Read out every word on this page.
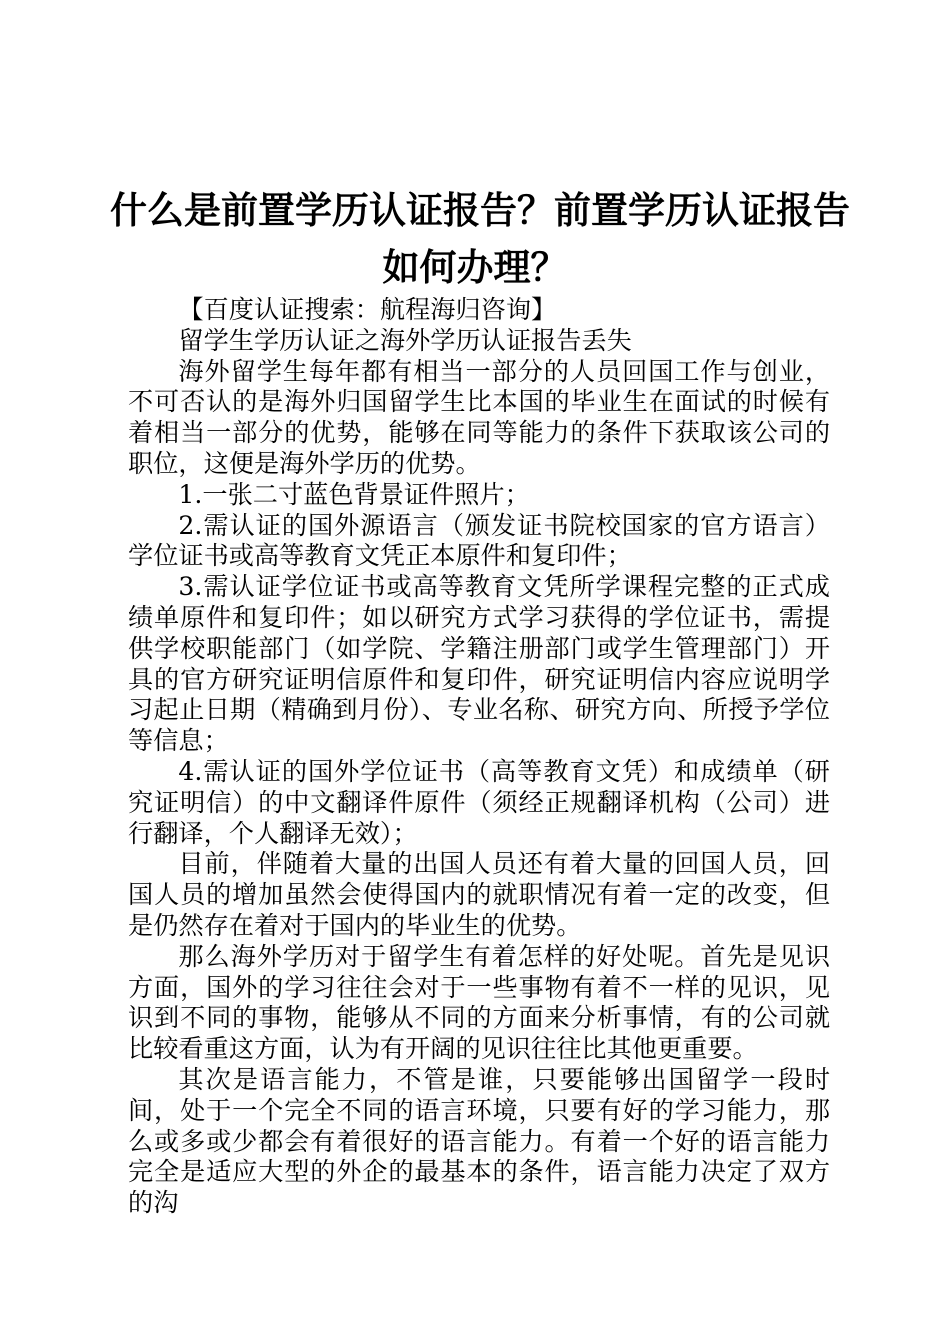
什么是前置学历认证报告？前置学历认证报告
如何办理？

【百度认证搜索：航程海归咨询】

留学生学历认证之海外学历认证报告丢失

海外留学生每年都有相当一部分的人员回国工作与创业，不可否认的是海外归国留学生比本国的毕业生在面试的时候有着相当一部分的优势，能够在同等能力的条件下获取该公司的职位，这便是海外学历的优势。

1.一张二寸蓝色背景证件照片；

2.需认证的国外源语言（颁发证书院校国家的官方语言）学位证书或高等教育文凭正本原件和复印件；

3.需认证学位证书或高等教育文凭所学课程完整的正式成绩单原件和复印件；如以研究方式学习获得的学位证书，需提供学校职能部门（如学院、学籍注册部门或学生管理部门）开具的官方研究证明信原件和复印件，研究证明信内容应说明学习起止日期（精确到月份）、专业名称、研究方向、所授予学位等信息；

4.需认证的国外学位证书（高等教育文凭）和成绩单（研究证明信）的中文翻译件原件（须经正规翻译机构（公司）进行翻译，个人翻译无效）；

目前，伴随着大量的出国人员还有着大量的回国人员，回国人员的增加虽然会使得国内的就职情况有着一定的改变，但是仍然存在着对于国内的毕业生的优势。

那么海外学历对于留学生有着怎样的好处呢。首先是见识方面，国外的学习往往会对于一些事物有着不一样的见识，见识到不同的事物，能够从不同的方面来分析事情，有的公司就比较看重这方面，认为有开阔的见识往往比其他更重要。

其次是语言能力，不管是谁，只要能够出国留学一段时间，处于一个完全不同的语言环境，只要有好的学习能力，那么或多或少都会有着很好的语言能力。有着一个好的语言能力完全是适应大型的外企的最基本的条件，语言能力决定了双方的沟
